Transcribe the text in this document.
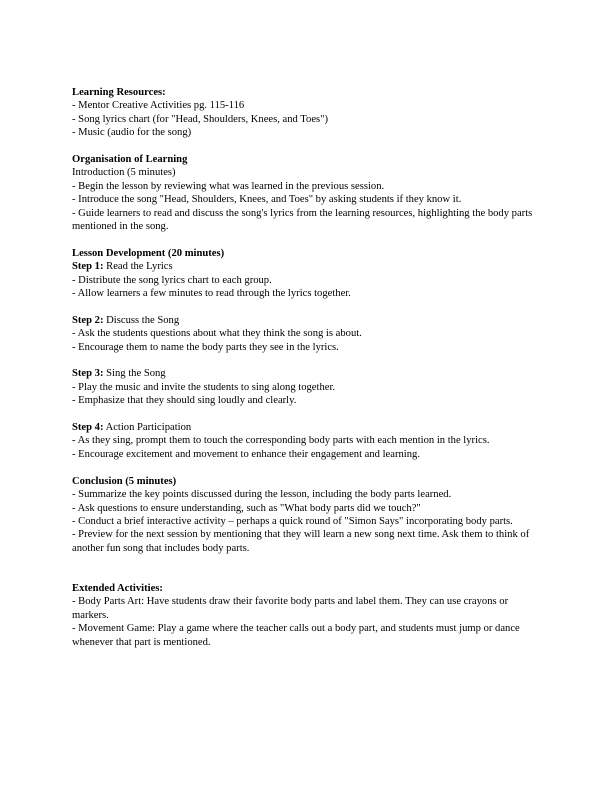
Learning Resources:
- Mentor Creative Activities pg. 115-116
- Song lyrics chart (for "Head, Shoulders, Knees, and Toes")
- Music (audio for the song)
Organisation of Learning
Introduction (5 minutes)
- Begin the lesson by reviewing what was learned in the previous session.
- Introduce the song "Head, Shoulders, Knees, and Toes" by asking students if they know it.
- Guide learners to read and discuss the song's lyrics from the learning resources, highlighting the body parts mentioned in the song.
Lesson Development (20 minutes)
Step 1: Read the Lyrics
- Distribute the song lyrics chart to each group.
- Allow learners a few minutes to read through the lyrics together.
Step 2: Discuss the Song
- Ask the students questions about what they think the song is about.
- Encourage them to name the body parts they see in the lyrics.
Step 3: Sing the Song
- Play the music and invite the students to sing along together.
- Emphasize that they should sing loudly and clearly.
Step 4: Action Participation
- As they sing, prompt them to touch the corresponding body parts with each mention in the lyrics.
- Encourage excitement and movement to enhance their engagement and learning.
Conclusion (5 minutes)
- Summarize the key points discussed during the lesson, including the body parts learned.
- Ask questions to ensure understanding, such as "What body parts did we touch?"
- Conduct a brief interactive activity – perhaps a quick round of "Simon Says" incorporating body parts.
- Preview for the next session by mentioning that they will learn a new song next time. Ask them to think of another fun song that includes body parts.
Extended Activities:
- Body Parts Art: Have students draw their favorite body parts and label them. They can use crayons or markers.
- Movement Game: Play a game where the teacher calls out a body part, and students must jump or dance whenever that part is mentioned.
